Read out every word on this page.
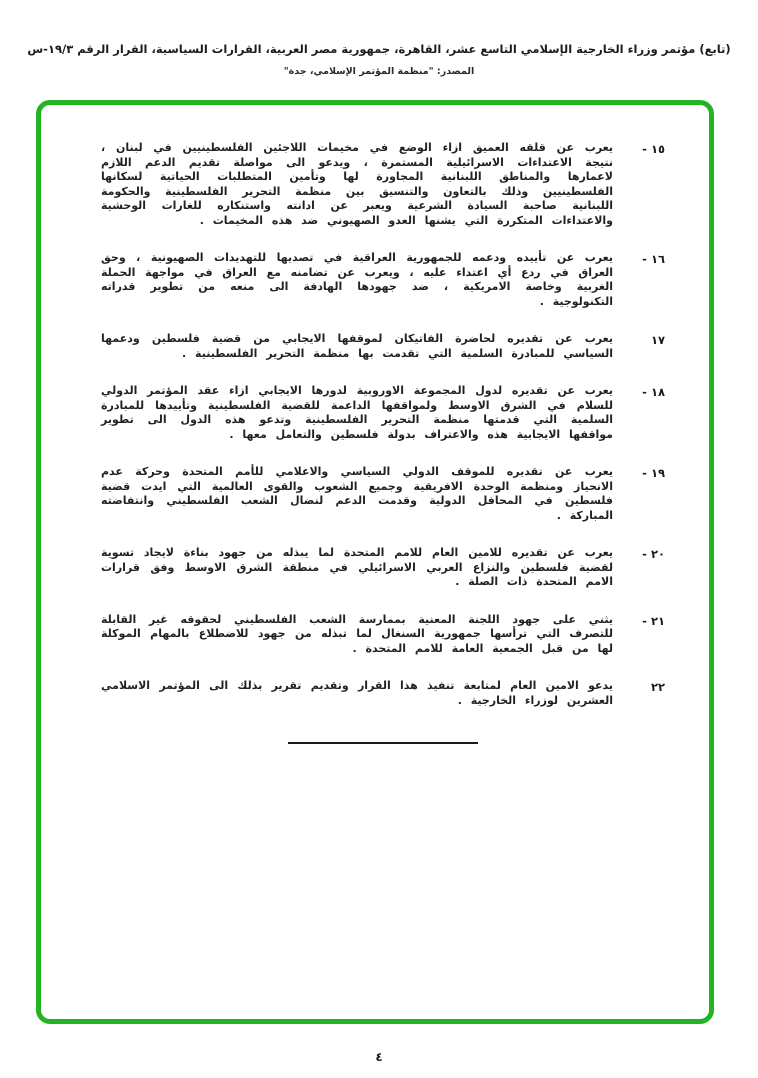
(تابع) مؤتمر وزراء الخارجية الإسلامي التاسع عشر، القاهرة، جمهورية مصر العربية، القرارات السياسية، القرار الرقم ١٩/٣-س
المصدر: "منظمة المؤتمر الإسلامي، جدة"
١٥ -
يعرب عن قلقه العميق ازاء الوضع في مخيمات اللاجئين الفلسطينيين في لبنان ، نتيجة الاعتداءات الاسرائيلية المستمرة ، ويدعو الى مواصلة تقديم الدعم اللازم لاعمارها والمناطق اللبنانية المجاورة لها وتأمين المتطلبات الحياتية لسكانها الفلسطينيين وذلك بالتعاون والتنسيق بين منظمة التحرير الفلسطينية والحكومة اللبنانية صاحبة السيادة الشرعية ويعبر عن ادانته واستنكاره للغارات الوحشية والاعتداءات المتكررة التي يشنها العدو الصهيوني ضد هذه المخيمات .
١٦ -
يعرب عن تأييده ودعمه للجمهورية العراقية في تصديها للتهديدات الصهيونية ، وحق العراق في ردع أي اعتداء عليه ، ويعرب عن تضامنه مع العراق في مواجهة الحملة الغربية وخاصة الامريكية ، ضد جهودها الهادفة الى منعه من تطوير قدراته التكنولوجية .
١٧
يعرب عن تقديره لحاضرة الفاتيكان لموقفها الايجابي من قضية فلسطين ودعمها السياسي للمبادرة السلمية التي تقدمت بها منظمة التحرير الفلسطينية .
١٨ -
يعرب عن تقديره لدول المجموعة الاوروبية لدورها الايجابي ازاء عقد المؤتمر الدولي للسلام في الشرق الاوسط ولمواقفها الداعمة للقضية الفلسطينية وتأييدها للمبادرة السلمية التي قدمتها منظمة التحرير الفلسطينية وتدعو هذه الدول الى تطوير مواقفها الايجابية هذه والاعتراف بدولة فلسطين والتعامل معها .
١٩ -
يعرب عن تقديره للموقف الدولي السياسي والاعلامي للأمم المتحدة وحركة عدم الانحياز ومنظمة الوحدة الافريقية وجميع الشعوب والقوى العالمية التي ايدت قضية فلسطين في المحافل الدولية وقدمت الدعم لنضال الشعب الفلسطيني وانتفاضته المباركة .
٢٠ -
يعرب عن تقديره للامين العام للامم المتحدة لما يبذله من جهود بناءة لايجاد تسوية لقضية فلسطين والنزاع العربي الاسرائيلي في منطقة الشرق الاوسط وفق قرارات الامم المتحدة ذات الصلة .
٢١ -
يثني على جهود اللجنة المعنية بممارسة الشعب الفلسطيني لحقوقه غير القابلة للتصرف التي ترأسها جمهورية السنغال لما تبذله من جهود للاضطلاع بالمهام الموكلة لها من قبل الجمعية العامة للامم المتحدة .
٢٢
يدعو الامين العام لمتابعة تنفيذ هذا القرار وتقديم تقرير بذلك الى المؤتمر الاسلامي العشرين لوزراء الخارجية .
٤
